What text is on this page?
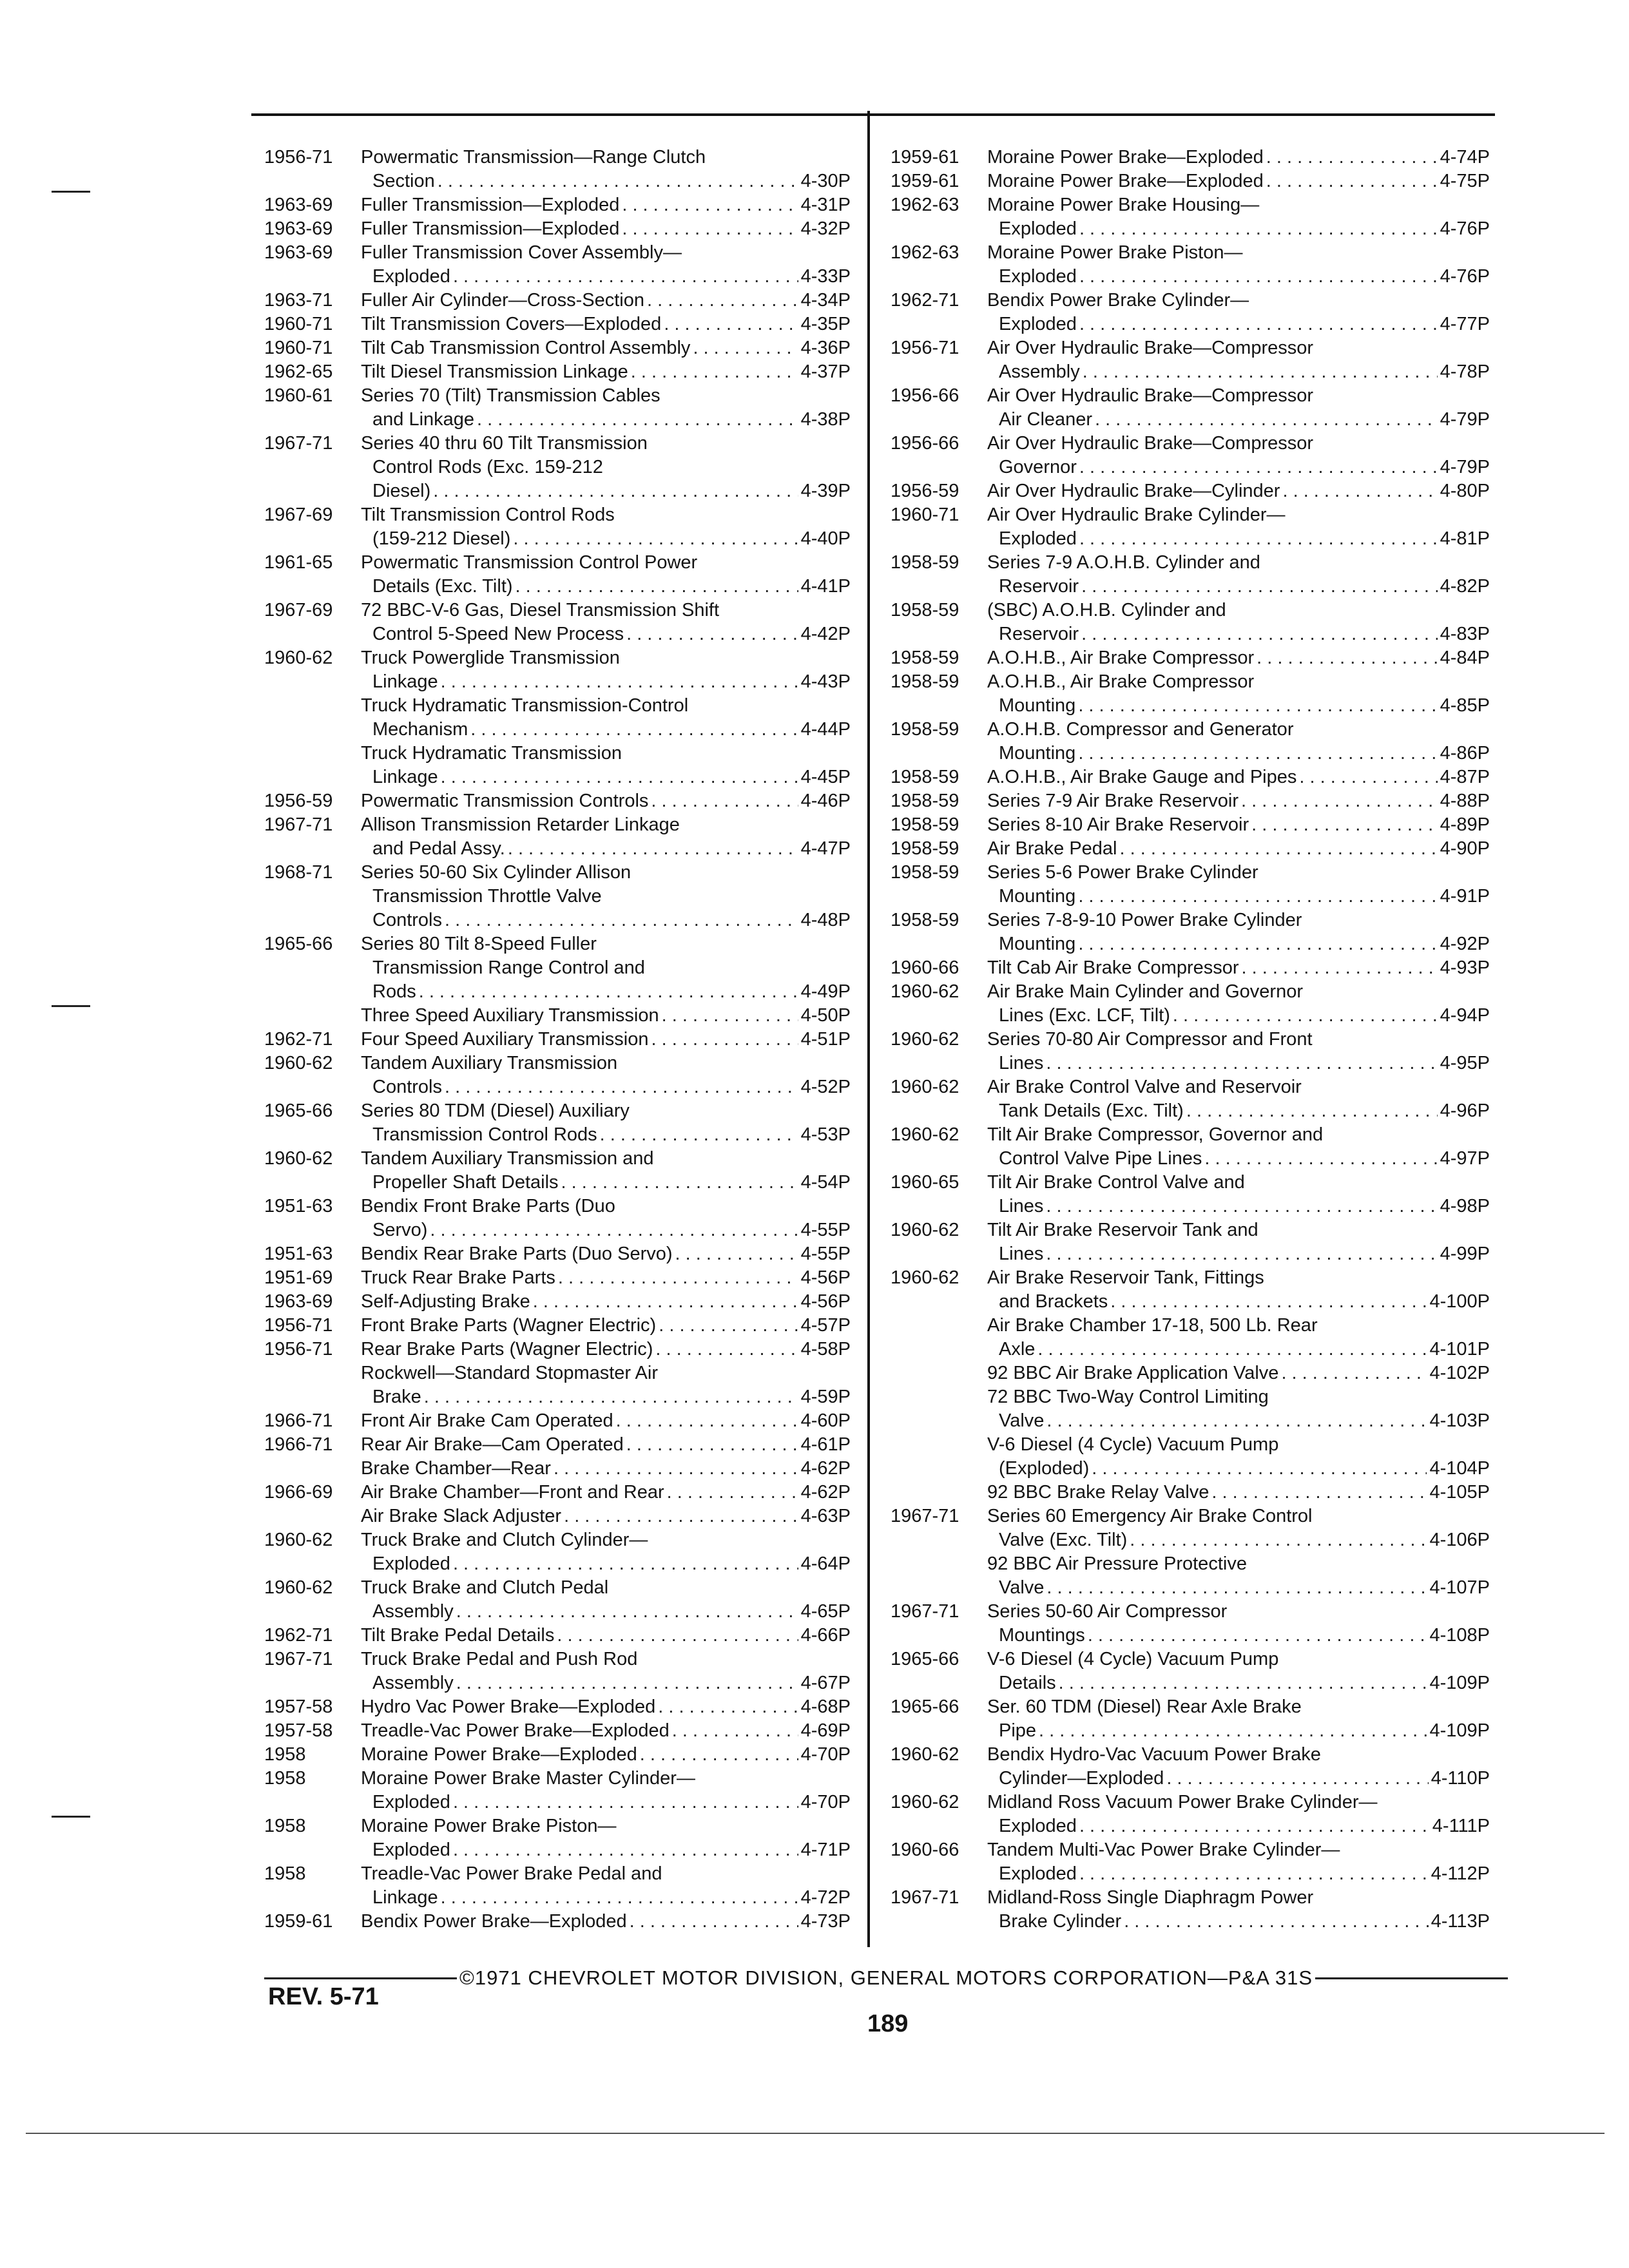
1956-71	Powermatic Transmission—Range Clutch
Section . . .	4-30P
1963-69	Fuller Transmission—Exploded . . .	4-31P
1963-69	Fuller Transmission—Exploded . . .	4-32P
1963-69	Fuller Transmission Cover Assembly—
Exploded . . .	4-33P
1963-71	Fuller Air Cylinder—Cross-Section . . .	4-34P
1960-71	Tilt Transmission Covers—Exploded . . .	4-35P
1960-71	Tilt Cab Transmission Control Assembly . . .	4-36P
1962-65	Tilt Diesel Transmission Linkage . . .	4-37P
1960-61	Series 70 (Tilt) Transmission Cables
and Linkage . . .	4-38P
1967-71	Series 40 thru 60 Tilt Transmission
Control Rods (Exc. 159-212
Diesel) . . .	4-39P
1967-69	Tilt Transmission Control Rods
(159-212 Diesel) . . .	4-40P
1961-65	Powermatic Transmission Control Power
Details (Exc. Tilt) . . .	4-41P
1967-69	72 BBC-V-6 Gas, Diesel Transmission Shift
Control 5-Speed New Process . . .	4-42P
1960-62	Truck Powerglide Transmission
Linkage . . .	4-43P
Truck Hydramatic Transmission-Control
Mechanism . . .	4-44P
Truck Hydramatic Transmission
Linkage . . .	4-45P
1956-59	Powermatic Transmission Controls . . .	4-46P
1967-71	Allison Transmission Retarder Linkage
and Pedal Assy. . . .	4-47P
1968-71	Series 50-60 Six Cylinder Allison
Transmission Throttle Valve
Controls . . .	4-48P
1965-66	Series 80 Tilt 8-Speed Fuller
Transmission Range Control and
Rods . . .	4-49P
Three Speed Auxiliary Transmission . . .	4-50P
1962-71	Four Speed Auxiliary Transmission . . .	4-51P
1960-62	Tandem Auxiliary Transmission
Controls . . .	4-52P
1965-66	Series 80 TDM (Diesel) Auxiliary
Transmission Control Rods . . .	4-53P
1960-62	Tandem Auxiliary Transmission and
Propeller Shaft Details . . .	4-54P
1951-63	Bendix Front Brake Parts (Duo
Servo) . . .	4-55P
1951-63	Bendix Rear Brake Parts (Duo Servo) . . .	4-55P
1951-69	Truck Rear Brake Parts . . .	4-56P
1963-69	Self-Adjusting Brake . . .	4-56P
1956-71	Front Brake Parts (Wagner Electric) . . .	4-57P
1956-71	Rear Brake Parts (Wagner Electric) . . .	4-58P
Rockwell—Standard Stopmaster Air
Brake . . .	4-59P
1966-71	Front Air Brake Cam Operated . . .	4-60P
1966-71	Rear Air Brake—Cam Operated . . .	4-61P
Brake Chamber—Rear . . .	4-62P
1966-69	Air Brake Chamber—Front and Rear . . .	4-62P
Air Brake Slack Adjuster . . .	4-63P
1960-62	Truck Brake and Clutch Cylinder—
Exploded . . .	4-64P
1960-62	Truck Brake and Clutch Pedal
Assembly . . .	4-65P
1962-71	Tilt Brake Pedal Details . . .	4-66P
1967-71	Truck Brake Pedal and Push Rod
Assembly . . .	4-67P
1957-58	Hydro Vac Power Brake—Exploded . . .	4-68P
1957-58	Treadle-Vac Power Brake—Exploded . . .	4-69P
1958	Moraine Power Brake—Exploded . . .	4-70P
1958	Moraine Power Brake Master Cylinder—
Exploded . . .	4-70P
1958	Moraine Power Brake Piston—
Exploded . . .	4-71P
1958	Treadle-Vac Power Brake Pedal and
Linkage . . .	4-72P
1959-61	Bendix Power Brake—Exploded . . .	4-73P
1959-61	Moraine Power Brake—Exploded . . .	4-74P
1959-61	Moraine Power Brake—Exploded . . .	4-75P
1962-63	Moraine Power Brake Housing—
Exploded . . .	4-76P
1962-63	Moraine Power Brake Piston—
Exploded . . .	4-76P
1962-71	Bendix Power Brake Cylinder—
Exploded . . .	4-77P
1956-71	Air Over Hydraulic Brake—Compressor
Assembly . . .	4-78P
1956-66	Air Over Hydraulic Brake—Compressor
Air Cleaner . . .	4-79P
1956-66	Air Over Hydraulic Brake—Compressor
Governor . . .	4-79P
1956-59	Air Over Hydraulic Brake—Cylinder . . .	4-80P
1960-71	Air Over Hydraulic Brake Cylinder—
Exploded . . .	4-81P
1958-59	Series 7-9 A.O.H.B. Cylinder and
Reservoir . . .	4-82P
1958-59	(SBC) A.O.H.B. Cylinder and
Reservoir . . .	4-83P
1958-59	A.O.H.B., Air Brake Compressor . . .	4-84P
1958-59	A.O.H.B., Air Brake Compressor
Mounting . . .	4-85P
1958-59	A.O.H.B. Compressor and Generator
Mounting . . .	4-86P
1958-59	A.O.H.B., Air Brake Gauge and Pipes . . .	4-87P
1958-59	Series 7-9 Air Brake Reservoir . . .	4-88P
1958-59	Series 8-10 Air Brake Reservoir . . .	4-89P
1958-59	Air Brake Pedal . . .	4-90P
1958-59	Series 5-6 Power Brake Cylinder
Mounting . . .	4-91P
1958-59	Series 7-8-9-10 Power Brake Cylinder
Mounting . . .	4-92P
1960-66	Tilt Cab Air Brake Compressor . . .	4-93P
1960-62	Air Brake Main Cylinder and Governor
Lines (Exc. LCF, Tilt) . . .	4-94P
1960-62	Series 70-80 Air Compressor and Front
Lines . . .	4-95P
1960-62	Air Brake Control Valve and Reservoir
Tank Details (Exc. Tilt) . . .	4-96P
1960-62	Tilt Air Brake Compressor, Governor and
Control Valve Pipe Lines . . .	4-97P
1960-65	Tilt Air Brake Control Valve and
Lines . . .	4-98P
1960-62	Tilt Air Brake Reservoir Tank and
Lines . . .	4-99P
1960-62	Air Brake Reservoir Tank, Fittings
and Brackets . . .	4-100P
Air Brake Chamber 17-18, 500 Lb. Rear
Axle . . .	4-101P
92 BBC Air Brake Application Valve . . .	4-102P
72 BBC Two-Way Control Limiting
Valve . . .	4-103P
V-6 Diesel (4 Cycle) Vacuum Pump
(Exploded) . . .	4-104P
92 BBC Brake Relay Valve . . .	4-105P
1967-71	Series 60 Emergency Air Brake Control
Valve (Exc. Tilt) . . .	4-106P
92 BBC Air Pressure Protective
Valve . . .	4-107P
1967-71	Series 50-60 Air Compressor
Mountings . . .	4-108P
1965-66	V-6 Diesel (4 Cycle) Vacuum Pump
Details . . .	4-109P
1965-66	Ser. 60 TDM (Diesel) Rear Axle Brake
Pipe . . .	4-109P
1960-62	Bendix Hydro-Vac Vacuum Power Brake
Cylinder—Exploded . . .	4-110P
1960-62	Midland Ross Vacuum Power Brake Cylinder—
Exploded . . .	4-111P
1960-66	Tandem Multi-Vac Power Brake Cylinder—
Exploded . . .	4-112P
1967-71	Midland-Ross Single Diaphragm Power
Brake Cylinder . . .	4-113P
©1971 CHEVROLET MOTOR DIVISION, GENERAL MOTORS CORPORATION—P&A 31S
REV. 5-71
189
